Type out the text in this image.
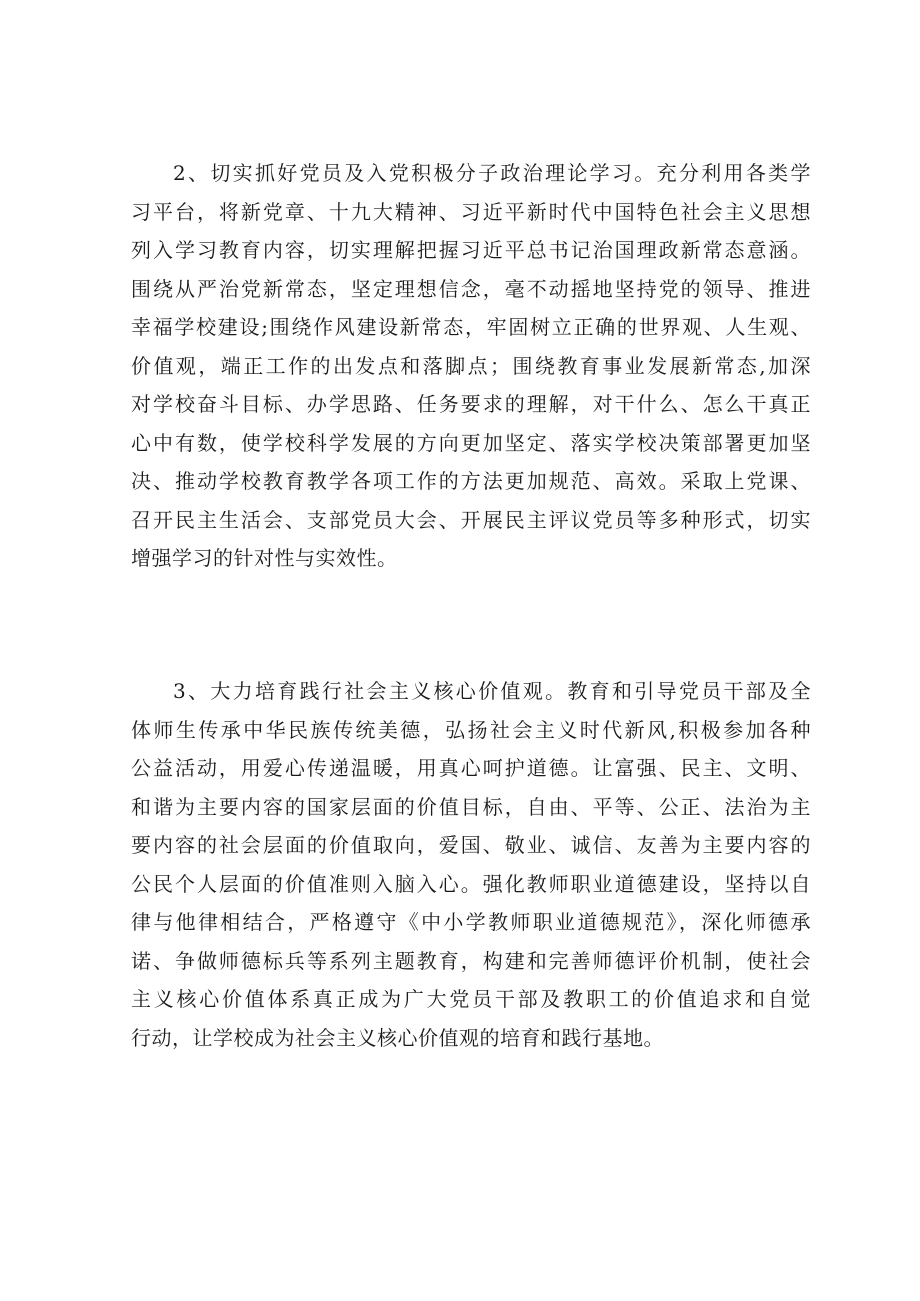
2、切实抓好党员及入党积极分子政治理论学习。充分利用各类学
习平台，将新党章、十九大精神、习近平新时代中国特色社会主义思想
列入学习教育内容，切实理解把握习近平总书记治国理政新常态意涵。
围绕从严治党新常态，坚定理想信念，毫不动摇地坚持党的领导、推进
幸福学校建设;围绕作风建设新常态，牢固树立正确的世界观、人生观、
价值观，端正工作的出发点和落脚点；围绕教育事业发展新常态,加深
对学校奋斗目标、办学思路、任务要求的理解，对干什么、怎么干真正
心中有数，使学校科学发展的方向更加坚定、落实学校决策部署更加坚
决、推动学校教育教学各项工作的方法更加规范、高效。采取上党课、
召开民主生活会、支部党员大会、开展民主评议党员等多种形式，切实
增强学习的针对性与实效性。
3、大力培育践行社会主义核心价值观。教育和引导党员干部及全
体师生传承中华民族传统美德，弘扬社会主义时代新风,积极参加各种
公益活动，用爱心传递温暖，用真心呵护道德。让富强、民主、文明、
和谐为主要内容的国家层面的价值目标，自由、平等、公正、法治为主
要内容的社会层面的价值取向，爱国、敬业、诚信、友善为主要内容的
公民个人层面的价值准则入脑入心。强化教师职业道德建设，坚持以自
律与他律相结合，严格遵守《中小学教师职业道德规范》，深化师德承
诺、争做师德标兵等系列主题教育，构建和完善师德评价机制，使社会
主义核心价值体系真正成为广大党员干部及教职工的价值追求和自觉
行动，让学校成为社会主义核心价值观的培育和践行基地。
